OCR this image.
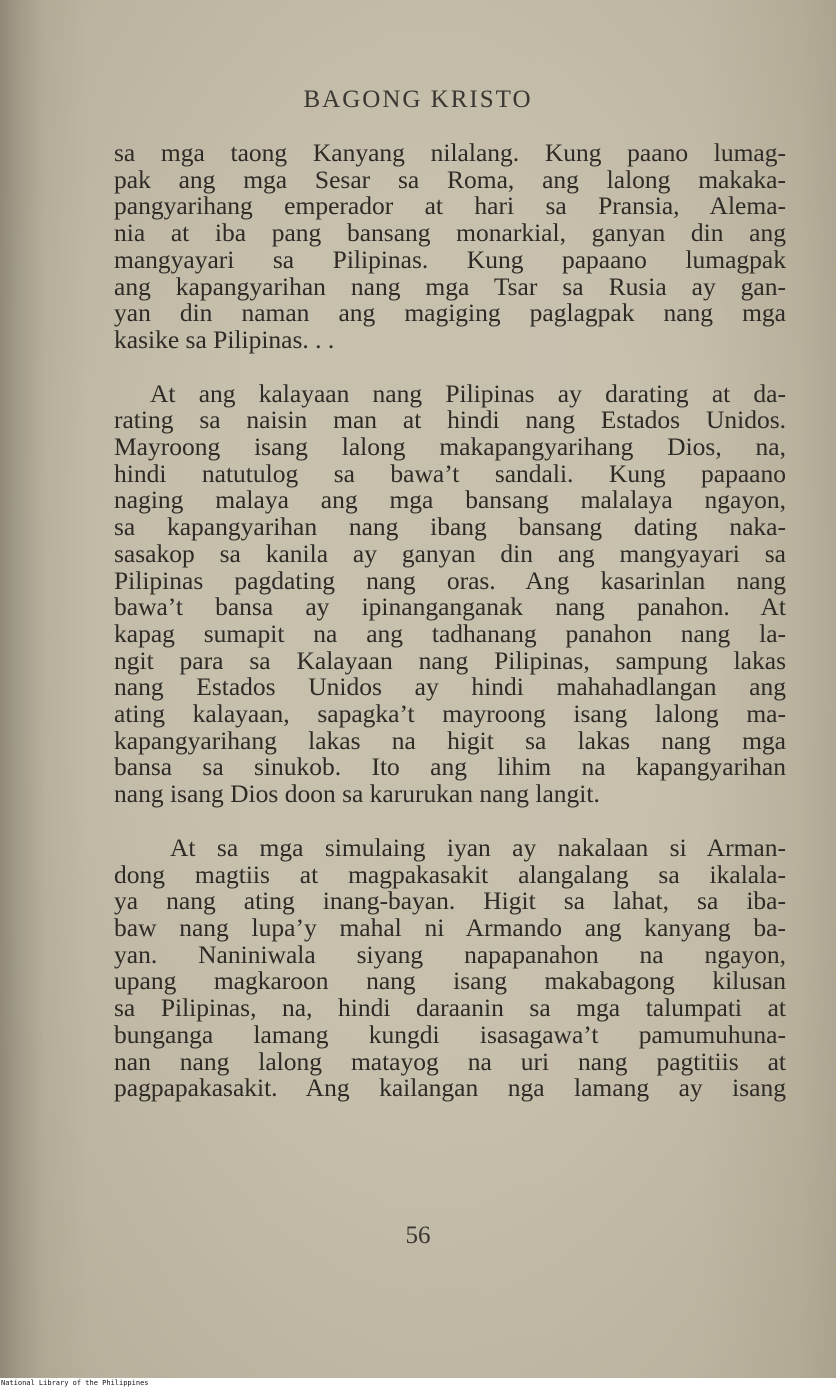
BAGONG KRISTO
sa mga taong Kanyang nilalang. Kung paano lumag-
pak ang mga Sesar sa Roma, ang lalong makaka-
pangyarihang emperador at hari sa Pransia, Alema-
nia at iba pang bansang monarkial, ganyan din ang
mangyayari sa Pilipinas. Kung papaano lumagpak
ang kapangyarihan nang mga Tsar sa Rusia ay gan-
yan din naman ang magiging paglagpak nang mga
kasike sa Pilipinas. . .
At ang kalayaan nang Pilipinas ay darating at da-
rating sa naisin man at hindi nang Estados Unidos.
Mayroong isang lalong makapangyarihang Dios, na,
hindi natutulog sa bawa’t sandali. Kung papaano
naging malaya ang mga bansang malalaya ngayon,
sa kapangyarihan nang ibang bansang dating naka-
sasakop sa kanila ay ganyan din ang mangyayari sa
Pilipinas pagdating nang oras. Ang kasarinlan nang
bawa’t bansa ay ipinanganganak nang panahon. At
kapag sumapit na ang tadhanang panahon nang la-
ngit para sa Kalayaan nang Pilipinas, sampung lakas
nang Estados Unidos ay hindi mahahadlangan ang
ating kalayaan, sapagka’t mayroong isang lalong ma-
kapangyarihang lakas na higit sa lakas nang mga
bansa sa sinukob. Ito ang lihim na kapangyarihan
nang isang Dios doon sa karurukan nang langit.
At sa mga simulaing iyan ay nakalaan si Arman-
dong magtiis at magpakasakit alangalang sa ikalala-
ya nang ating inang-bayan. Higit sa lahat, sa iba-
baw nang lupa’y mahal ni Armando ang kanyang ba-
yan. Naniniwala siyang napapanahon na ngayon,
upang magkaroon nang isang makabagong kilusan
sa Pilipinas, na, hindi daraanin sa mga talumpati at
bunganga lamang kungdi isasagawa’t pamumuhuna-
nan nang lalong matayog na uri nang pagtitiis at
pagpapakasakit. Ang kailangan nga lamang ay isang
56
National Library of the Philippines
